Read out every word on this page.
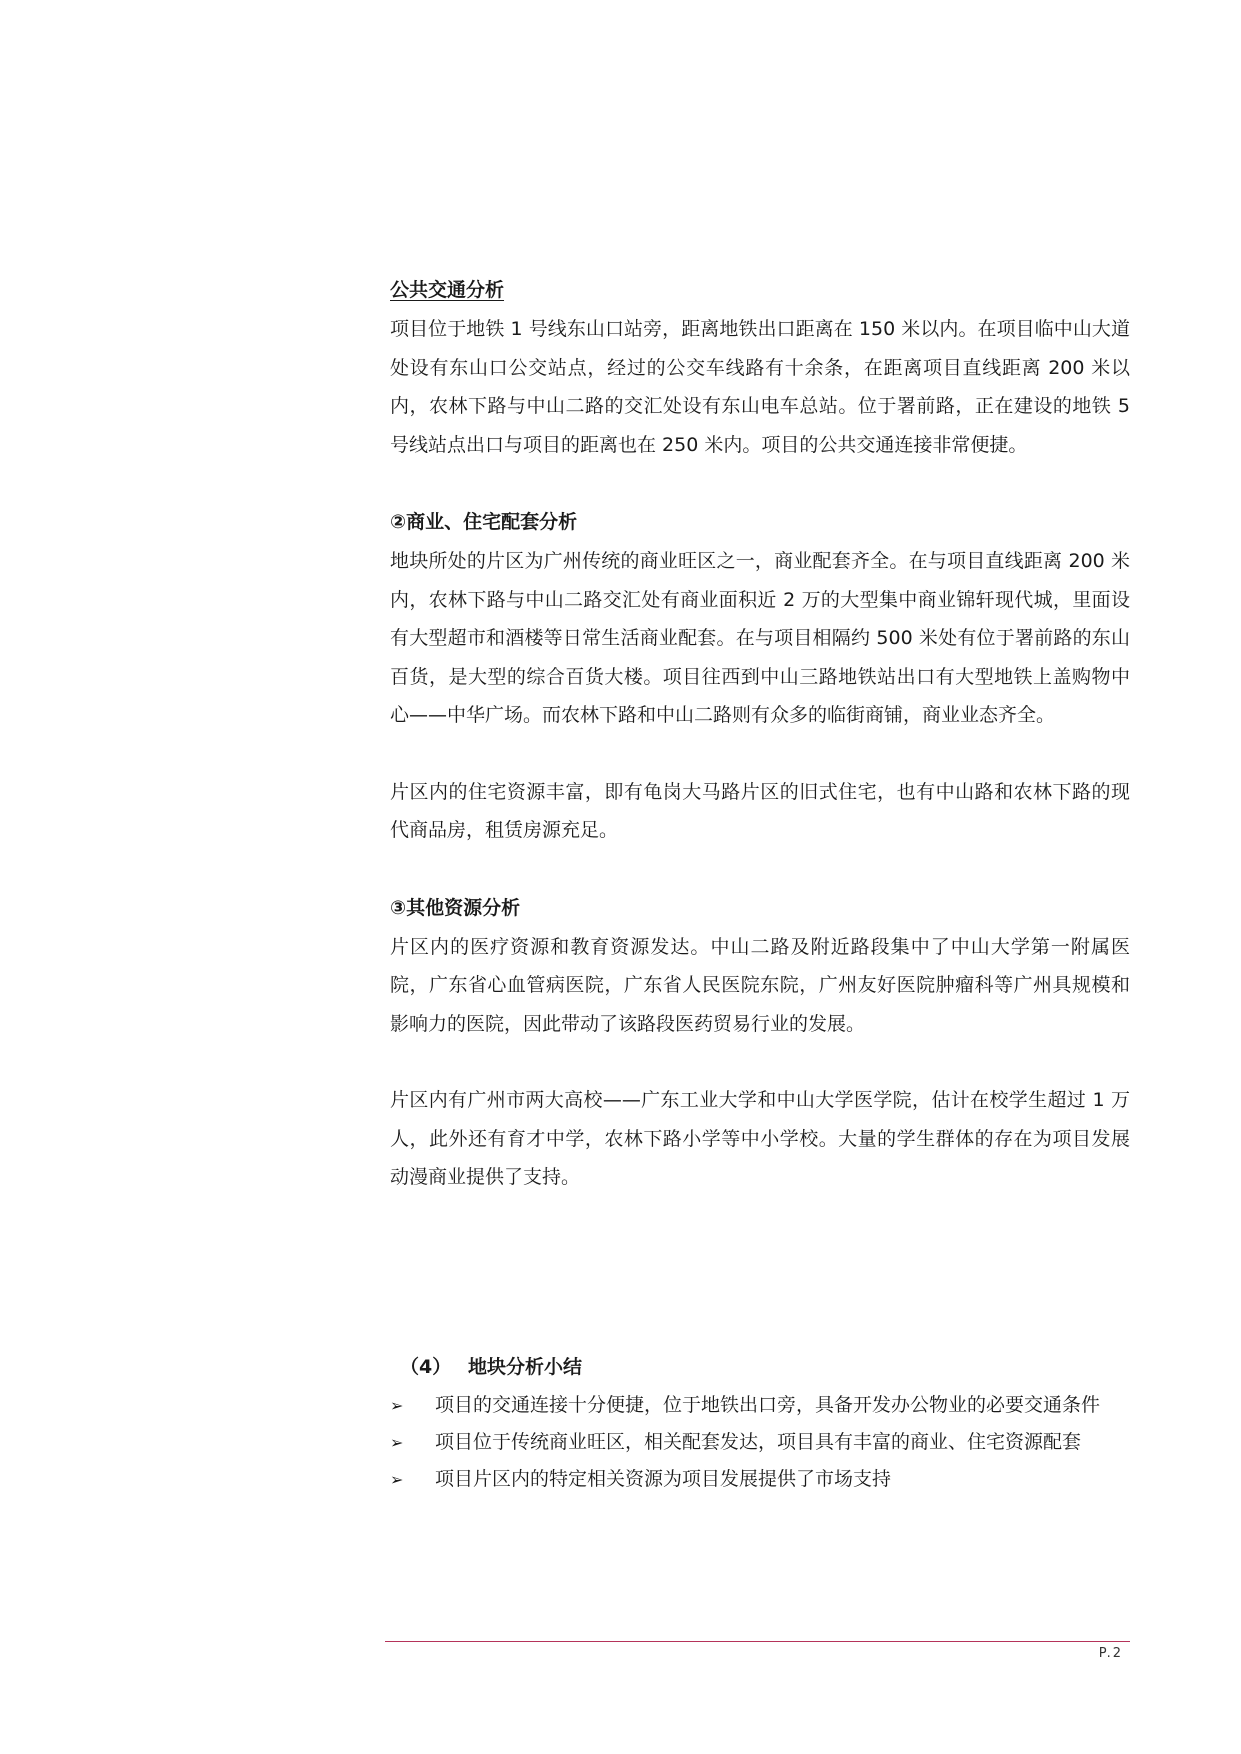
公共交通分析

项目位于地铁 1 号线东山口站旁，距离地铁出口距离在 150 米以内。在项目临中山大道处设有东山口公交站点，经过的公交车线路有十余条，在距离项目直线距离 200 米以内，农林下路与中山二路的交汇处设有东山电车总站。位于署前路，正在建设的地铁 5 号线站点出口与项目的距离也在 250 米内。项目的公共交通连接非常便捷。

②商业、住宅配套分析

地块所处的片区为广州传统的商业旺区之一，商业配套齐全。在与项目直线距离 200 米内，农林下路与中山二路交汇处有商业面积近 2 万的大型集中商业锦轩现代城，里面设有大型超市和酒楼等日常生活商业配套。在与项目相隔约 500 米处有位于署前路的东山百货，是大型的综合百货大楼。项目往西到中山三路地铁站出口有大型地铁上盖购物中心——中华广场。而农林下路和中山二路则有众多的临街商铺，商业业态齐全。

片区内的住宅资源丰富，即有龟岗大马路片区的旧式住宅，也有中山路和农林下路的现代商品房，租赁房源充足。

③其他资源分析

片区内的医疗资源和教育资源发达。中山二路及附近路段集中了中山大学第一附属医院，广东省心血管病医院，广东省人民医院东院，广州友好医院肿瘤科等广州具规模和影响力的医院，因此带动了该路段医药贸易行业的发展。

片区内有广州市两大高校——广东工业大学和中山大学医学院，估计在校学生超过 1 万人，此外还有育才中学，农林下路小学等中小学校。大量的学生群体的存在为项目发展动漫商业提供了支持。

（4） 地块分析小结

➢ 项目的交通连接十分便捷，位于地铁出口旁，具备开发办公物业的必要交通条件
➢ 项目位于传统商业旺区，相关配套发达，项目具有丰富的商业、住宅资源配套
➢ 项目片区内的特定相关资源为项目发展提供了市场支持
P.2
